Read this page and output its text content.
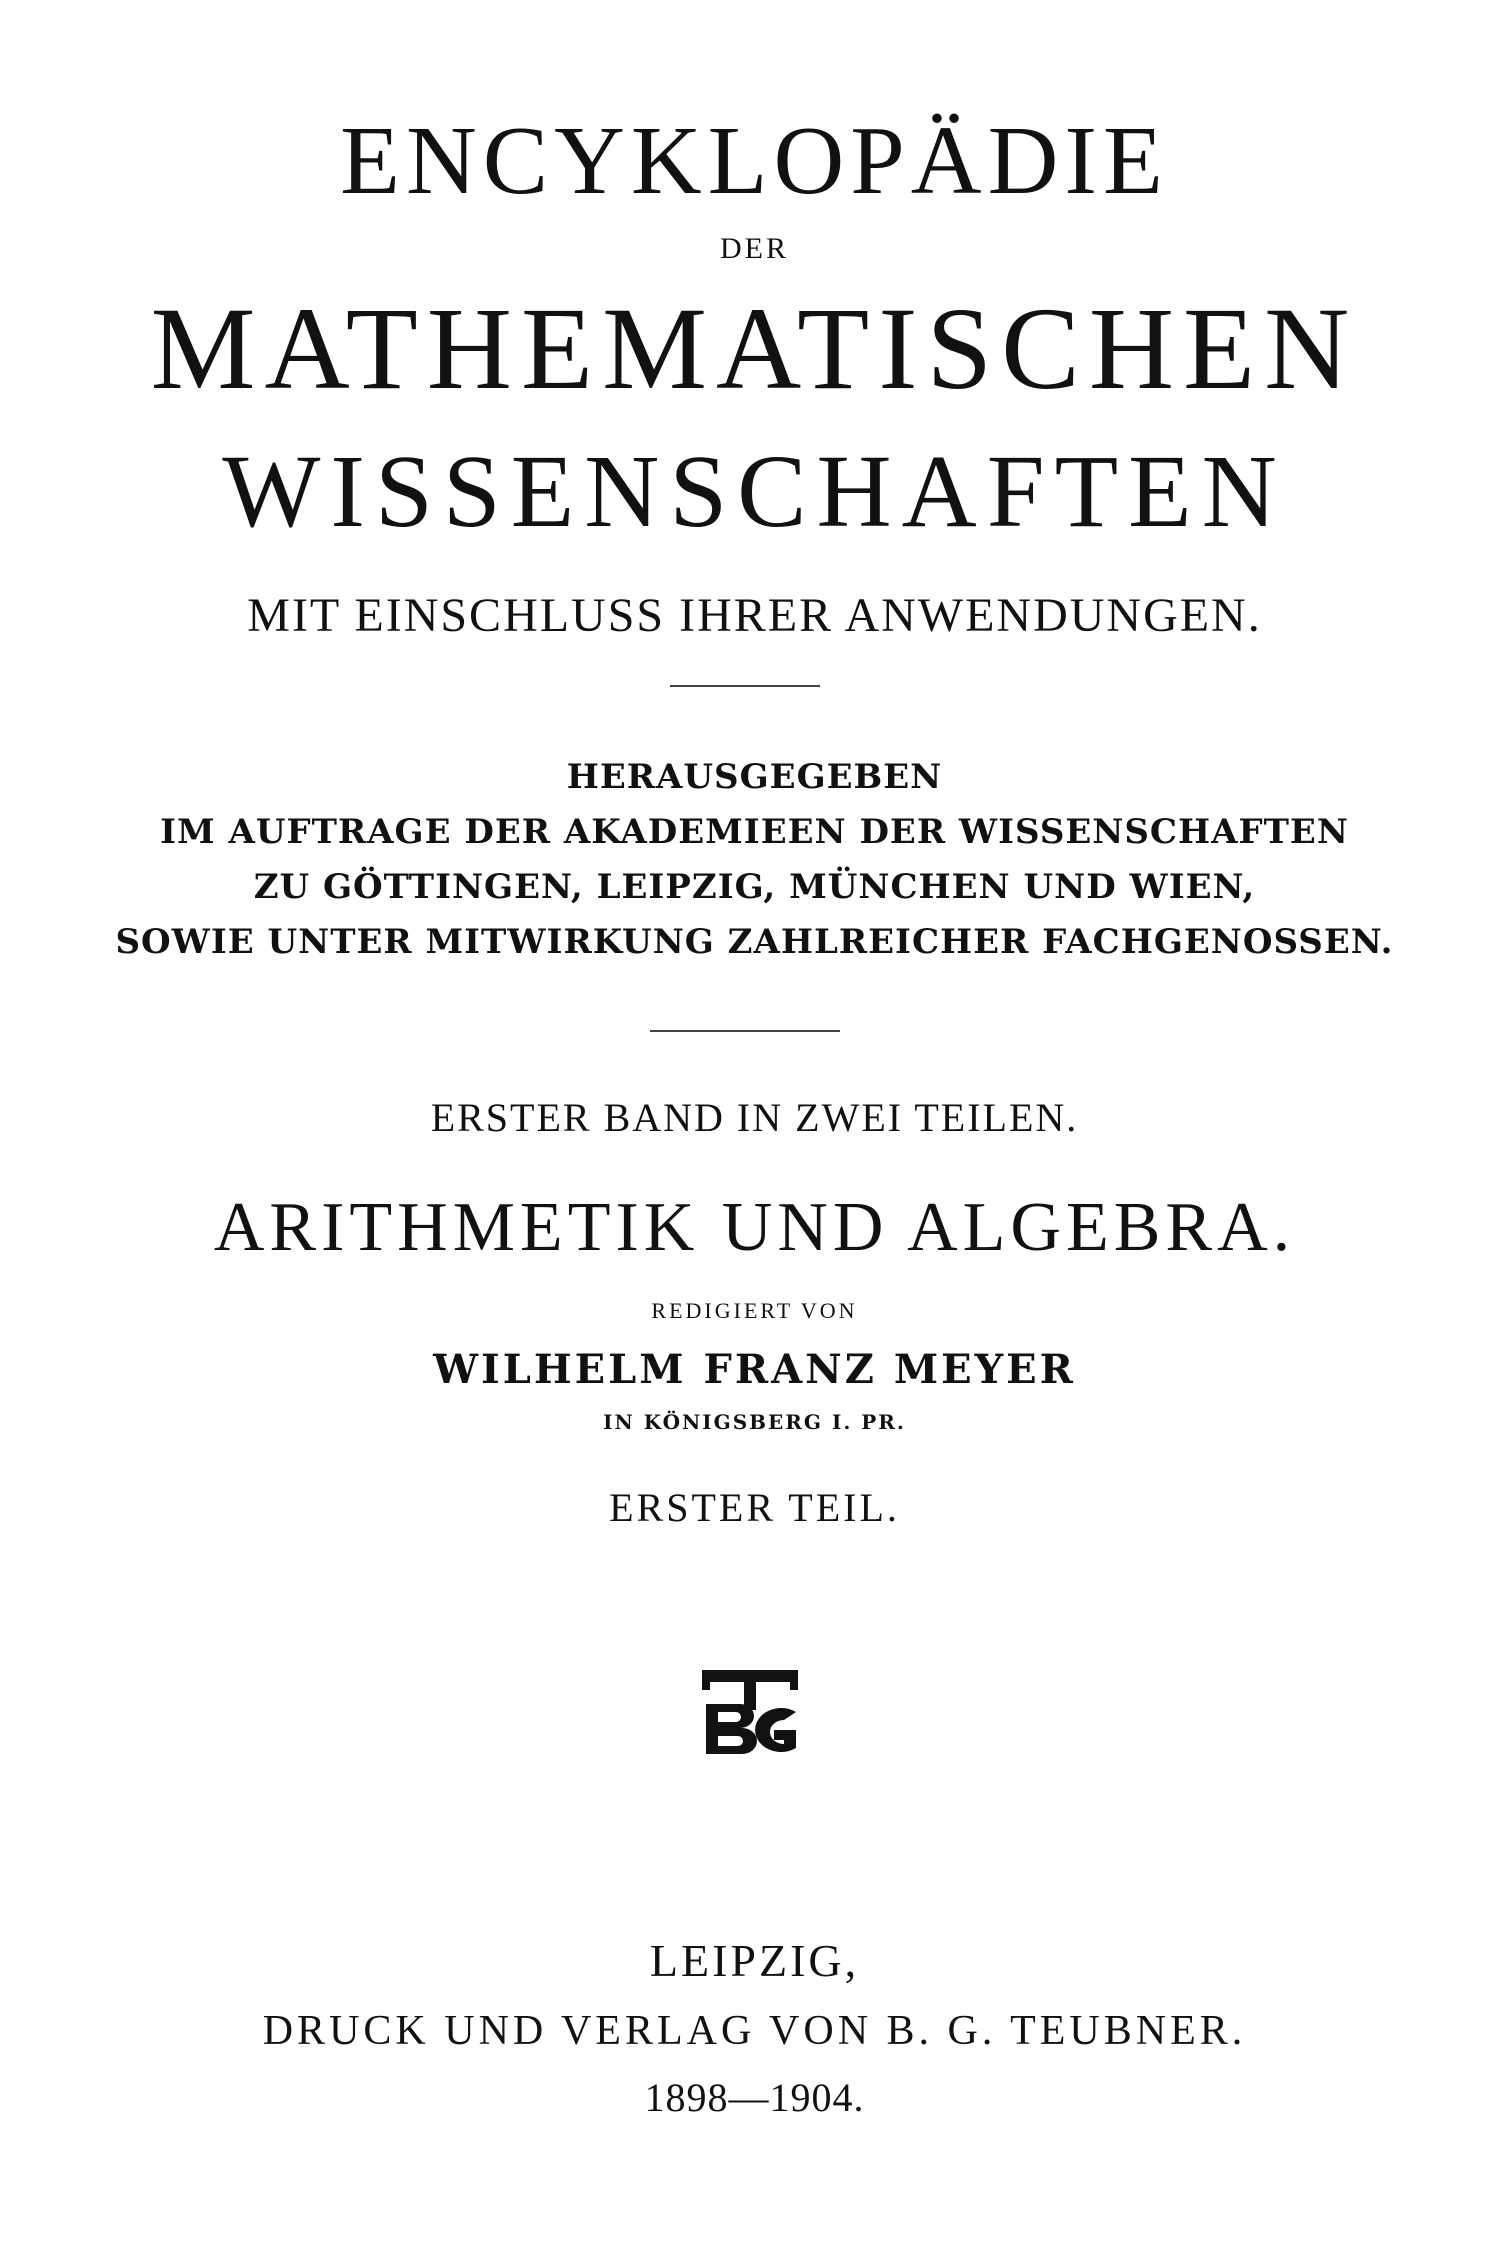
ENCYKLOPÄDIE
DER
MATHEMATISCHEN
WISSENSCHAFTEN
MIT EINSCHLUSS IHRER ANWENDUNGEN.
HERAUSGEGEBEN
IM AUFTRAGE DER AKADEMIEEN DER WISSENSCHAFTEN
ZU GÖTTINGEN, LEIPZIG, MÜNCHEN UND WIEN,
SOWIE UNTER MITWIRKUNG ZAHLREICHER FACHGENOSSEN.
ERSTER BAND IN ZWEI TEILEN.
ARITHMETIK UND ALGEBRA.
REDIGIERT VON
WILHELM FRANZ MEYER
IN KÖNIGSBERG I. PR.
ERSTER TEIL.
LEIPZIG,
DRUCK UND VERLAG VON B. G. TEUBNER.
1898—1904.
